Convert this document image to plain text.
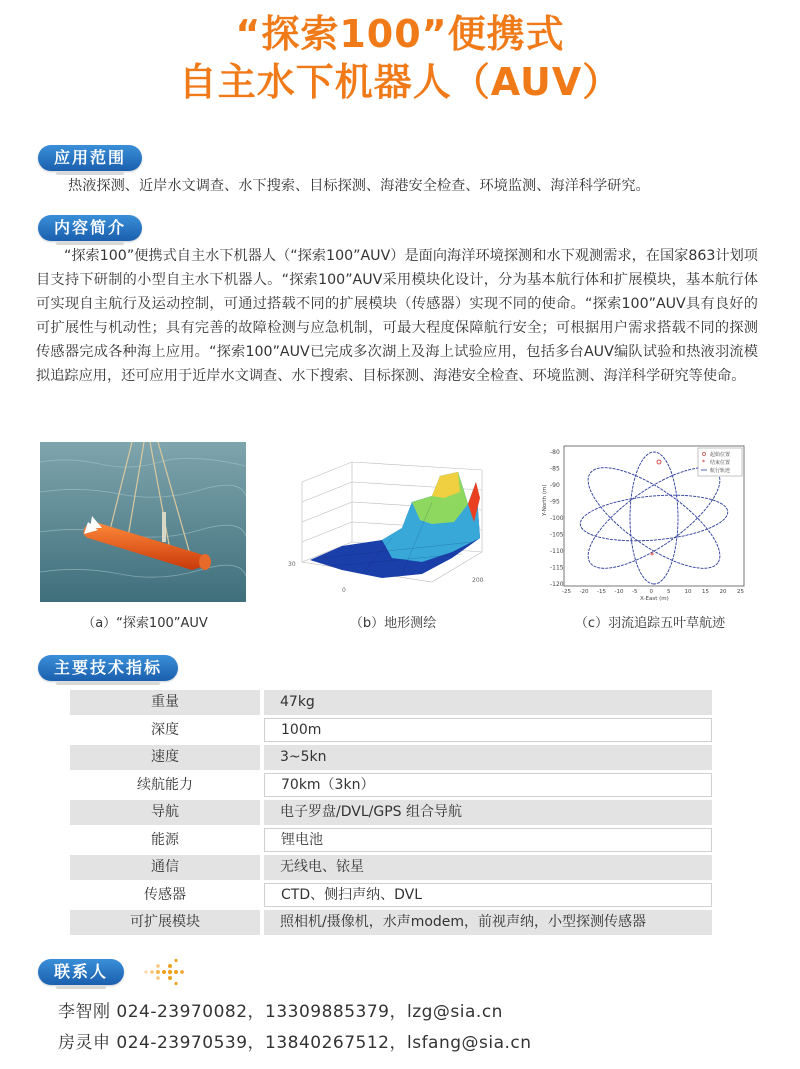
“探索100”便携式
自主水下机器人（AUV）
应用范围
热液探测、近岸水文调查、水下搜索、目标探测、海港安全检查、环境监测、海洋科学研究。
内容简介
“探索100”便携式自主水下机器人（“探索100”AUV）是面向海洋环境探测和水下观测需求，在国家863计划项目支持下研制的小型自主水下机器人。“探索100”AUV采用模块化设计，分为基本航行体和扩展模块，基本航行体可实现自主航行及运动控制，可通过搭载不同的扩展模块（传感器）实现不同的使命。“探索100”AUV具有良好的可扩展性与机动性；具有完善的故障检测与应急机制，可最大程度保障航行安全；可根据用户需求搭载不同的探测传感器完成各种海上应用。“探索100”AUV已完成多次湖上及海上试验应用，包括多台AUV编队试验和热液羽流模拟追踪应用，还可应用于近岸水文调查、水下搜索、目标探测、海港安全检查、环境监测、海洋科学研究等使命。
（a）“探索100”AUV
30
0
200
（b）地形测绘
-80
-85
-90
-95
-100
-105
-110
-115
-120
-25 -20 -15 -10 -5 0	5	10 15 20 25
Y-North (m)
X-East (m)
*
*
起始位置
结束位置
航行轨迹
（c）羽流追踪五叶草航迹
主要技术指标
重量	47kg
深度	100m
速度	3~5kn
续航能力	70km（3kn）
导航	电子罗盘/DVL/GPS 组合导航
能源	锂电池
通信	无线电、铱星
传感器	CTD、侧扫声纳、DVL
可扩展模块	照相机/摄像机，水声modem，前视声纳，小型探测传感器
联系人
李智刚 024-23970082，13309885379，lzg@sia.cn
房灵申 024-23970539，13840267512，lsfang@sia.cn
